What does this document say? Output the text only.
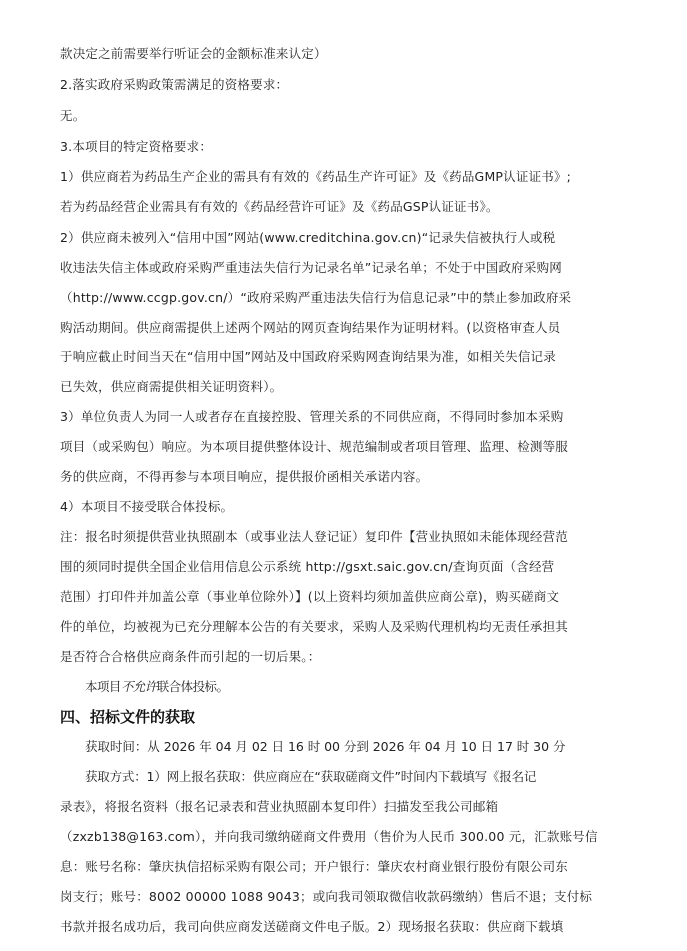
款决定之前需要举行听证会的金额标准来认定）
2.落实政府采购政策需满足的资格要求：
无。
3.本项目的特定资格要求：
1）供应商若为药品生产企业的需具有有效的《药品生产许可证》及《药品GMP认证证书》;
若为药品经营企业需具有有效的《药品经营许可证》及《药品GSP认证证书》。
2）供应商未被列入“信用中国”网站(www.creditchina.gov.cn)“记录失信被执行人或税
收违法失信主体或政府采购严重违法失信行为记录名单”记录名单；不处于中国政府采购网
（http://www.ccgp.gov.cn/）“政府采购严重违法失信行为信息记录”中的禁止参加政府采
购活动期间。供应商需提供上述两个网站的网页查询结果作为证明材料。(以资格审查人员
于响应截止时间当天在“信用中国”网站及中国政府采购网查询结果为准，如相关失信记录
已失效，供应商需提供相关证明资料）。
3）单位负责人为同一人或者存在直接控股、管理关系的不同供应商，不得同时参加本采购
项目（或采购包）响应。为本项目提供整体设计、规范编制或者项目管理、监理、检测等服
务的供应商，不得再参与本项目响应，提供报价函相关承诺内容。
4）本项目不接受联合体投标。
注：报名时须提供营业执照副本（或事业法人登记证）复印件【营业执照如未能体现经营范
围的须同时提供全国企业信用信息公示系统 http://gsxt.saic.gov.cn/查询页面（含经营
范围）打印件并加盖公章（事业单位除外）】(以上资料均须加盖供应商公章)，购买磋商文
件的单位，均被视为已充分理解本公告的有关要求，采购人及采购代理机构均无责任承担其
是否符合合格供应商条件而引起的一切后果。：
本项目不允许联合体投标。
四、招标文件的获取
获取时间：从 2026 年 04 月 02 日 16 时 00 分到 2026 年 04 月 10 日 17 时 30 分
获取方式：1）网上报名获取：供应商应在“获取磋商文件”时间内下载填写《报名记
录表》，将报名资料（报名记录表和营业执照副本复印件）扫描发至我公司邮箱
（zxzb138@163.com），并向我司缴纳磋商文件费用（售价为人民币 300.00 元，汇款账号信
息：账号名称：肇庆执信招标采购有限公司；开户银行：肇庆农村商业银行股份有限公司东
岗支行；账号：8002 00000 1088 9043；或向我司领取微信收款码缴纳）售后不退；支付标
书款并报名成功后，我司向供应商发送磋商文件电子版。2）现场报名获取：供应商下载填
